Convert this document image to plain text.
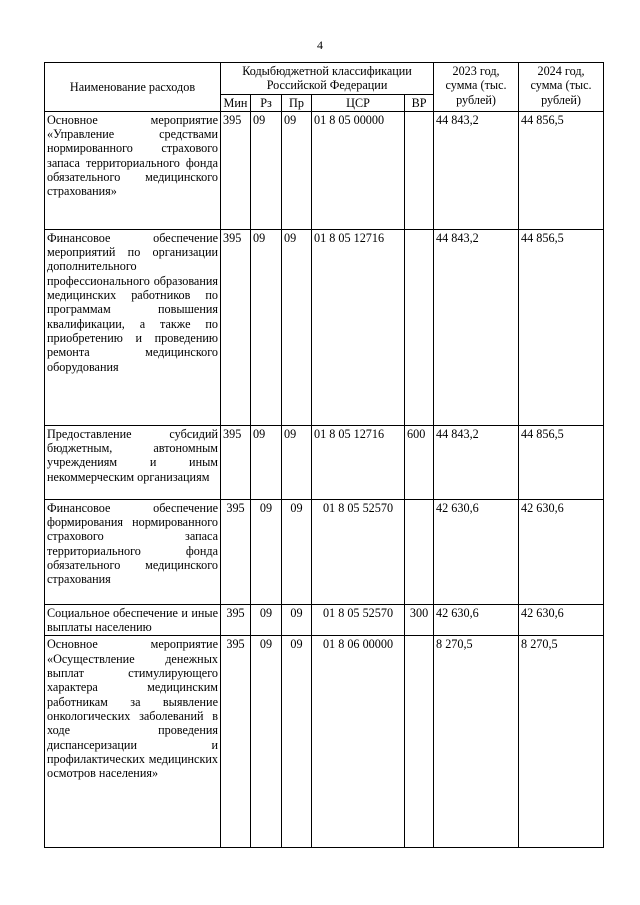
4
Наименование расходов	Кодыбюджетной классификации Российской Федерации					2023 год, сумма (тыс. рублей)	2024 год, сумма (тыс. рублей)
	Мин	Рз	Пр	ЦСР	ВР		
Основное мероприятие «Управление средствами нормированного страхового запаса территориального фонда обязательного медицинского страхования»	395	09	09	01 8 05 00000		44 843,2	44 856,5
Финансовое обеспечение мероприятий по организации дополнительного профессионального образования медицинских работников по программам повышения квалификации, а также по приобретению и проведению ремонта медицинского оборудования	395	09	09	01 8 05 12716		44 843,2	44 856,5
Предоставление субсидий бюджетным, автономным учреждениям и иным некоммерческим организациям	395	09	09	01 8 05 12716	600	44 843,2	44 856,5
Финансовое обеспечение формирования нормированного страхового запаса территориального фонда обязательного медицинского страхования	395	09	09	01 8 05 52570		42 630,6	42 630,6
Социальное обеспечение и иные выплаты населению	395	09	09	01 8 05 52570	300	42 630,6	42 630,6
Основное мероприятие «Осуществление денежных выплат стимулирующего характера медицинским работникам за выявление онкологических заболеваний в ходе проведения диспансеризации и профилактических медицинских осмотров населения»	395	09	09	01 8 06 00000		8 270,5	8 270,5
